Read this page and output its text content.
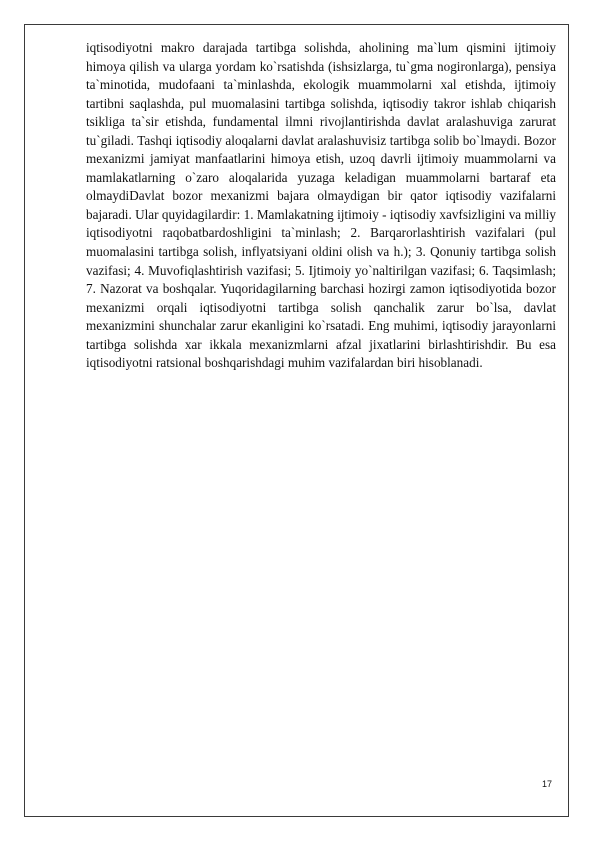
iqtisodiyotni makro darajada tartibga solishda, aholining ma`lum qismini ijtimoiy himoya qilish va ularga yordam ko`rsatishda (ishsizlarga, tu`gma nogironlarga), pensiya ta`minotida, mudofaani ta`minlashda, ekologik muammolarni xal etishda, ijtimoiy tartibni saqlashda, pul muomalasini tartibga solishda, iqtisodiy takror ishlab chiqarish tsikliga ta`sir etishda, fundamental ilmni rivojlantirishda davlat aralashuviga zarurat tu`giladi. Tashqi iqtisodiy aloqalarni davlat aralashuvisiz tartibga solib bo`lmaydi. Bozor mexanizmi jamiyat manfaatlarini himoya etish, uzoq davrli ijtimoiy muammolarni va mamlakatlarning o`zaro aloqalarida yuzaga keladigan muammolarni bartaraf eta olmaydiDavlat bozor mexanizmi bajara olmaydigan bir qator iqtisodiy vazifalarni bajaradi. Ular quyidagilardir: 1. Mamlakatning ijtimoiy - iqtisodiy xavfsizligini va milliy iqtisodiyotni raqobatbardoshligini ta`minlash; 2. Barqarorlashtirish vazifalari (pul muomalasini tartibga solish, inflyatsiyani oldini olish va h.); 3. Qonuniy tartibga solish vazifasi; 4. Muvofiqlashtirish vazifasi; 5. Ijtimoiy yo`naltirilgan vazifasi; 6. Taqsimlash; 7. Nazorat va boshqalar. Yuqoridagilarning barchasi hozirgi zamon iqtisodiyotida bozor mexanizmi orqali iqtisodiyotni tartibga solish qanchalik zarur bo`lsa, davlat mexanizmini shunchalar zarur ekanligini ko`rsatadi. Eng muhimi, iqtisodiy jarayonlarni tartibga solishda xar ikkala mexanizmlarni afzal jixatlarini birlashtirishdir. Bu esa iqtisodiyotni ratsional boshqarishdagi muhim vazifalardan biri hisoblanadi.

17
